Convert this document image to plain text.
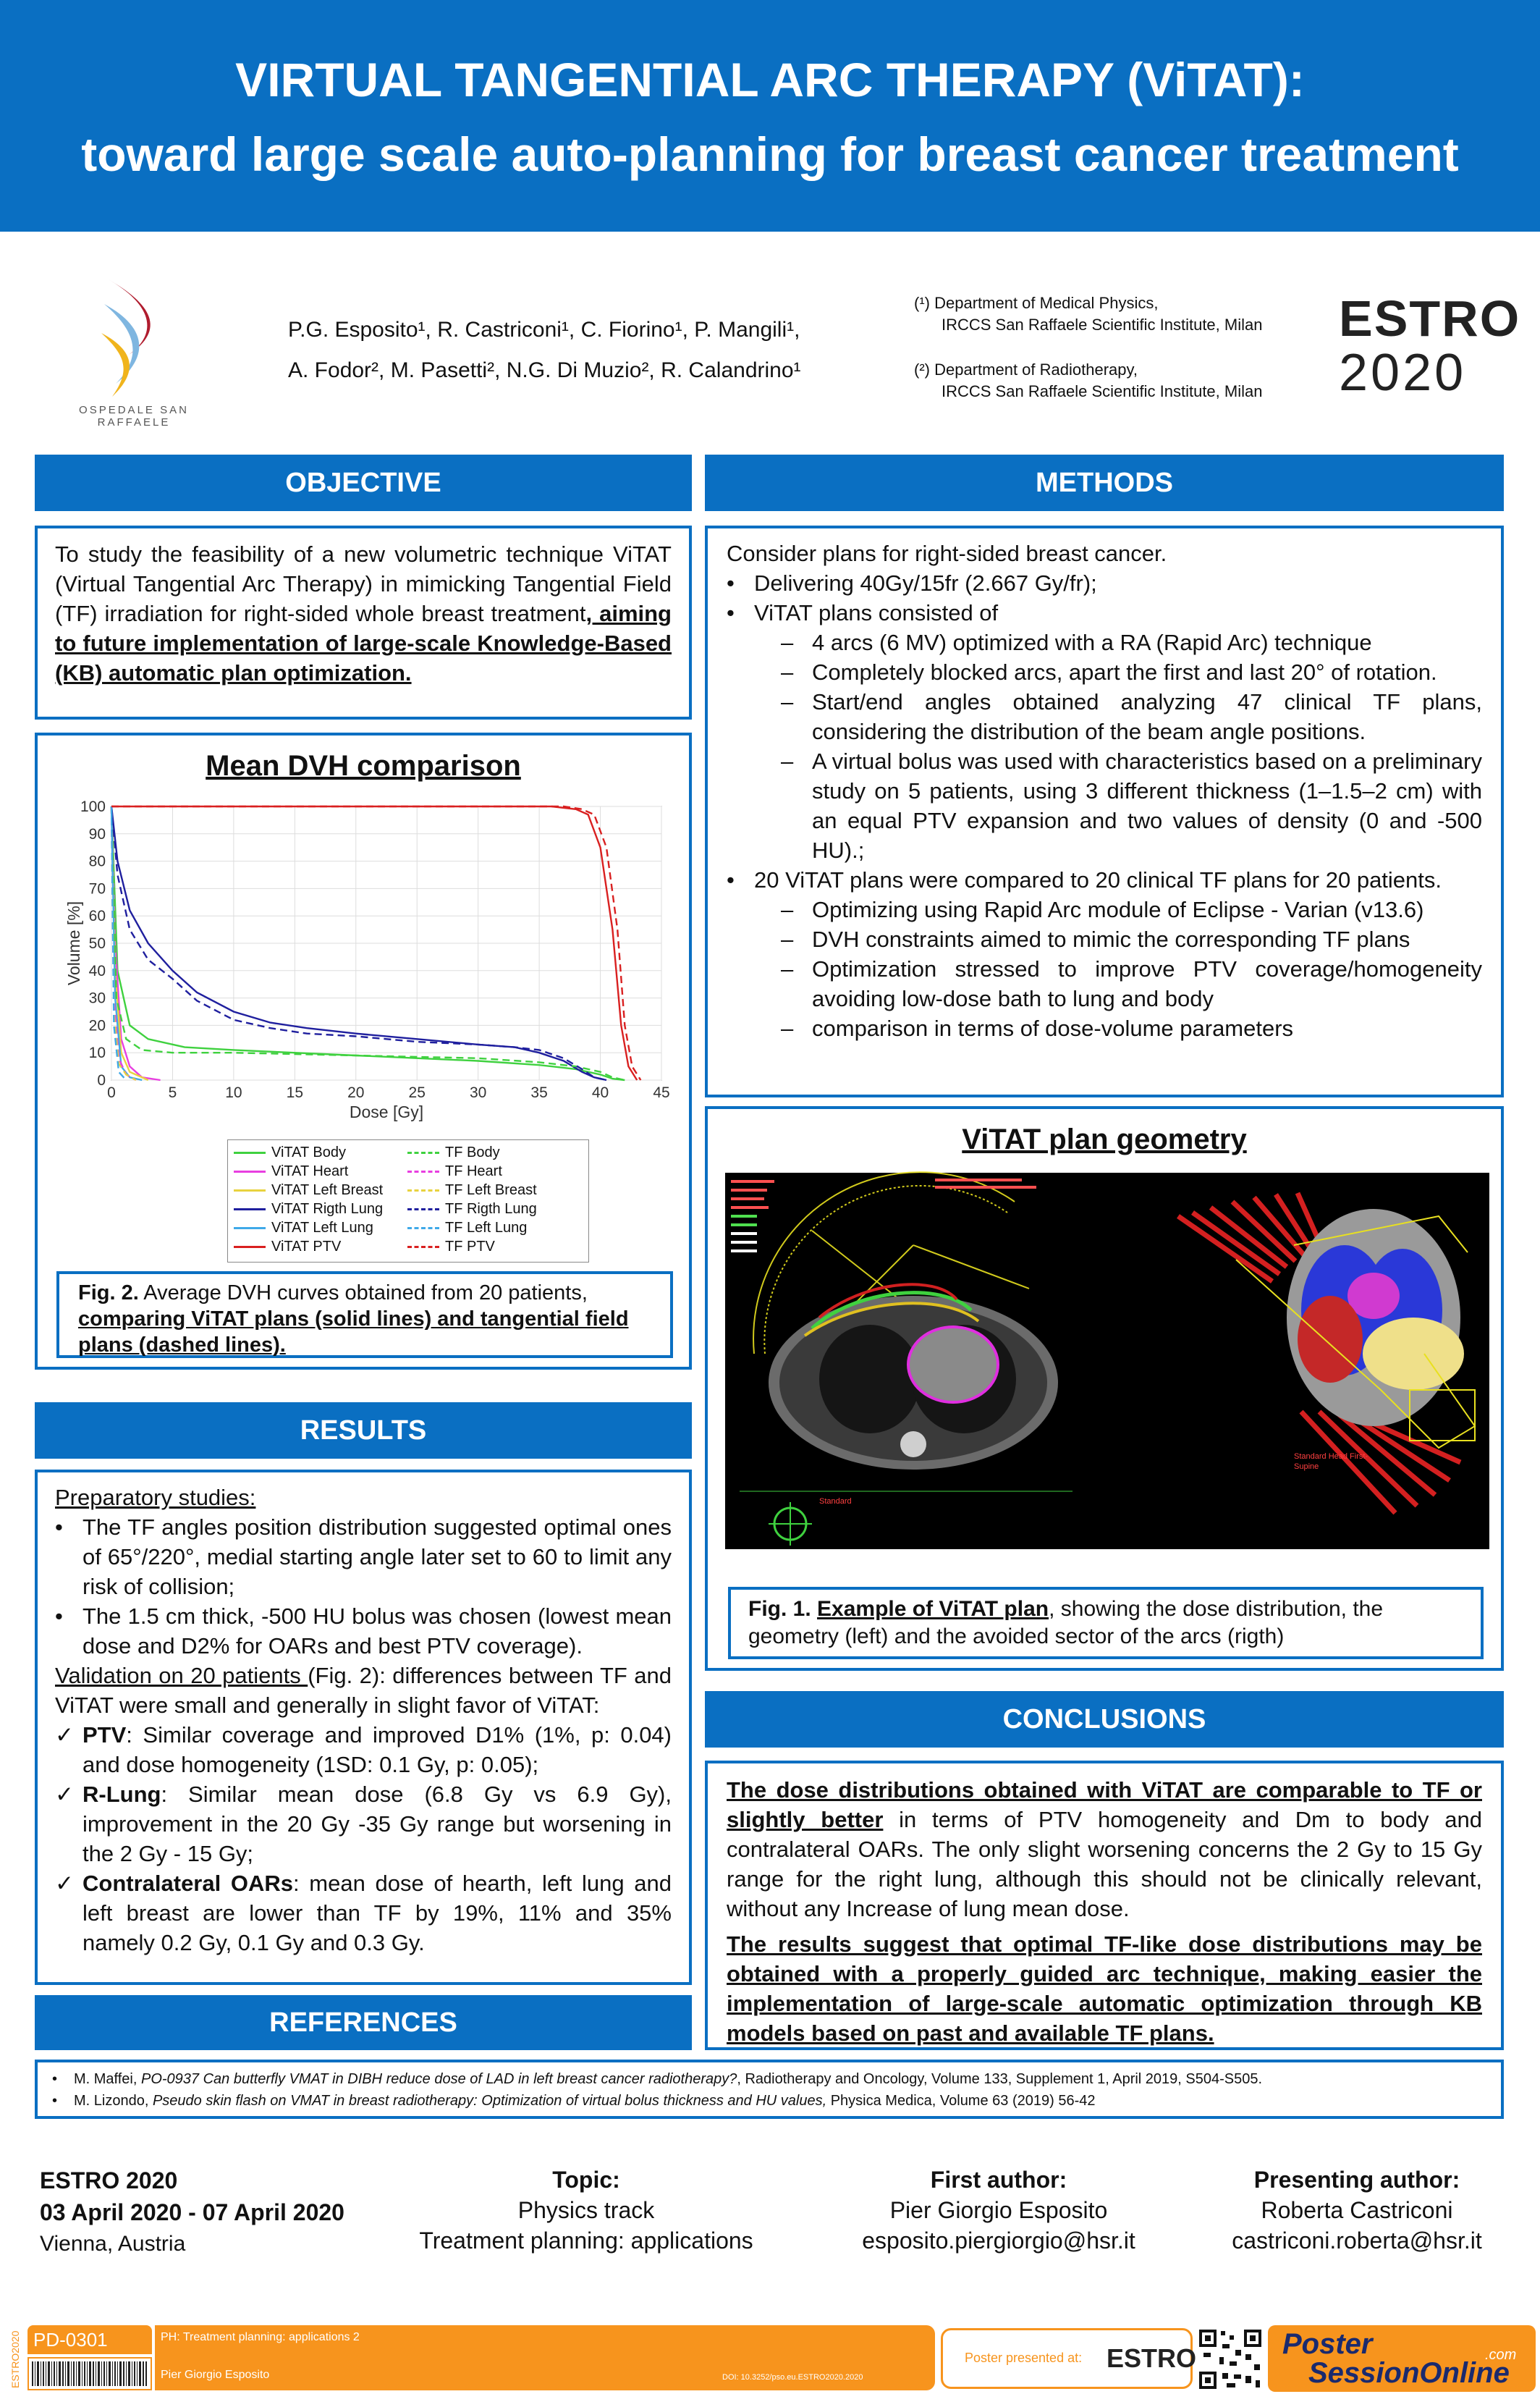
VIRTUAL TANGENTIAL ARC THERAPY (ViTAT):
toward large scale auto-planning for breast cancer treatment
OSPEDALE SAN RAFFAELE
P.G. Esposito¹, R. Castriconi¹, C. Fiorino¹, P. Mangili¹,
A. Fodor², M. Pasetti², N.G. Di Muzio², R. Calandrino¹
(¹) Department of Medical Physics,
IRCCS San Raffaele Scientific Institute, Milan
(²) Department of Radiotherapy,
IRCCS San Raffaele Scientific Institute, Milan
ESTRO
2020
OBJECTIVE
To study the feasibility of a new volumetric technique ViTAT (Virtual Tangential Arc Therapy) in mimicking Tangential Field (TF) irradiation for right-sided whole breast treatment, aiming to future implementation of large-scale Knowledge-Based (KB) automatic plan optimization.
Mean DVH comparison
0	5	10	15	20	25	30	35	40	45
0
10
20
30
40
50
60
70
80
90
100
Dose [Gy]
Volume [%]
ViTAT Body
ViTAT Heart
ViTAT Left Breast
ViTAT Rigth Lung
ViTAT Left Lung
ViTAT PTV
TF Body
TF Heart
TF Left Breast
TF Rigth Lung
TF Left Lung
TF PTV
Fig. 2. Average DVH curves obtained from 20 patients, comparing ViTAT plans (solid lines) and tangential field plans (dashed lines).
RESULTS
Preparatory studies:
• The TF angles position distribution suggested optimal ones of 65°/220°, medial starting angle later set to 60 to limit any risk of collision;
• The 1.5 cm thick, -500 HU bolus was chosen (lowest mean dose and D2% for OARs and best PTV coverage).
Validation on 20 patients (Fig. 2): differences between TF and ViTAT were small and generally in slight favor of ViTAT:
✓ PTV: Similar coverage and improved D1% (1%, p: 0.04) and dose homogeneity (1SD: 0.1 Gy, p: 0.05);
✓ R-Lung: Similar mean dose (6.8 Gy vs 6.9 Gy), improvement in the 20 Gy -35 Gy range but worsening in the 2 Gy - 15 Gy;
✓ Contralateral OARs: mean dose of hearth, left lung and left breast are lower than TF by 19%, 11% and 35% namely 0.2 Gy, 0.1 Gy and 0.3 Gy.
REFERENCES
METHODS
Consider plans for right-sided breast cancer.
• Delivering 40Gy/15fr (2.667 Gy/fr);
• ViTAT plans consisted of
– 4 arcs (6 MV) optimized with a RA (Rapid Arc) technique
– Completely blocked arcs, apart the first and last 20° of rotation.
– Start/end angles obtained analyzing 47 clinical TF plans, considering the distribution of the beam angle positions.
– A virtual bolus was used with characteristics based on a preliminary study on 5 patients, using 3 different thickness (1–1.5–2 cm) with an equal PTV expansion and two values of density (0 and -500 HU).;
• 20 ViTAT plans were compared to 20 clinical TF plans for 20 patients.
– Optimizing using Rapid Arc module of Eclipse - Varian (v13.6)
– DVH constraints aimed to mimic the corresponding TF plans
– Optimization stressed to improve PTV coverage/homogeneity avoiding low-dose bath to lung and body
– comparison in terms of dose-volume parameters
ViTAT plan geometry
Standard
Standard Head First-Supine
Fig. 1. Example of ViTAT plan, showing the dose distribution, the geometry (left) and the avoided sector of the arcs (rigth)
CONCLUSIONS
The dose distributions obtained with ViTAT are comparable to TF or slightly better in terms of PTV homogeneity and Dm to body and contralateral OARs. The only slight worsening concerns the 2 Gy to 15 Gy range for the right lung, although this should not be clinically relevant, without any Increase of lung mean dose.
The results suggest that optimal TF-like dose distributions may be obtained with a properly guided arc technique, making easier the implementation of large-scale automatic optimization through KB models based on past and available TF plans.
• M. Maffei, PO-0937 Can butterfly VMAT in DIBH reduce dose of LAD in left breast cancer radiotherapy?, Radiotherapy and Oncology, Volume 133, Supplement 1, April 2019, S504-S505.
• M. Lizondo, Pseudo skin flash on VMAT in breast radiotherapy: Optimization of virtual bolus thickness and HU values, Physica Medica, Volume 63 (2019) 56-42
ESTRO 2020
03 April 2020 - 07 April 2020
Vienna, Austria
Topic:
Physics track
Treatment planning: applications
First author:
Pier Giorgio Esposito
esposito.piergiorgio@hsr.it
Presenting author:
Roberta Castriconi
castriconi.roberta@hsr.it
ESTRO2020 PD-0301	PH: Treatment planning: applications 2
Pier Giorgio Esposito	DOI: 10.3252/pso.eu.ESTRO2020.2020
Poster presented at: ESTRO	Poster
SessionOnline
.com
